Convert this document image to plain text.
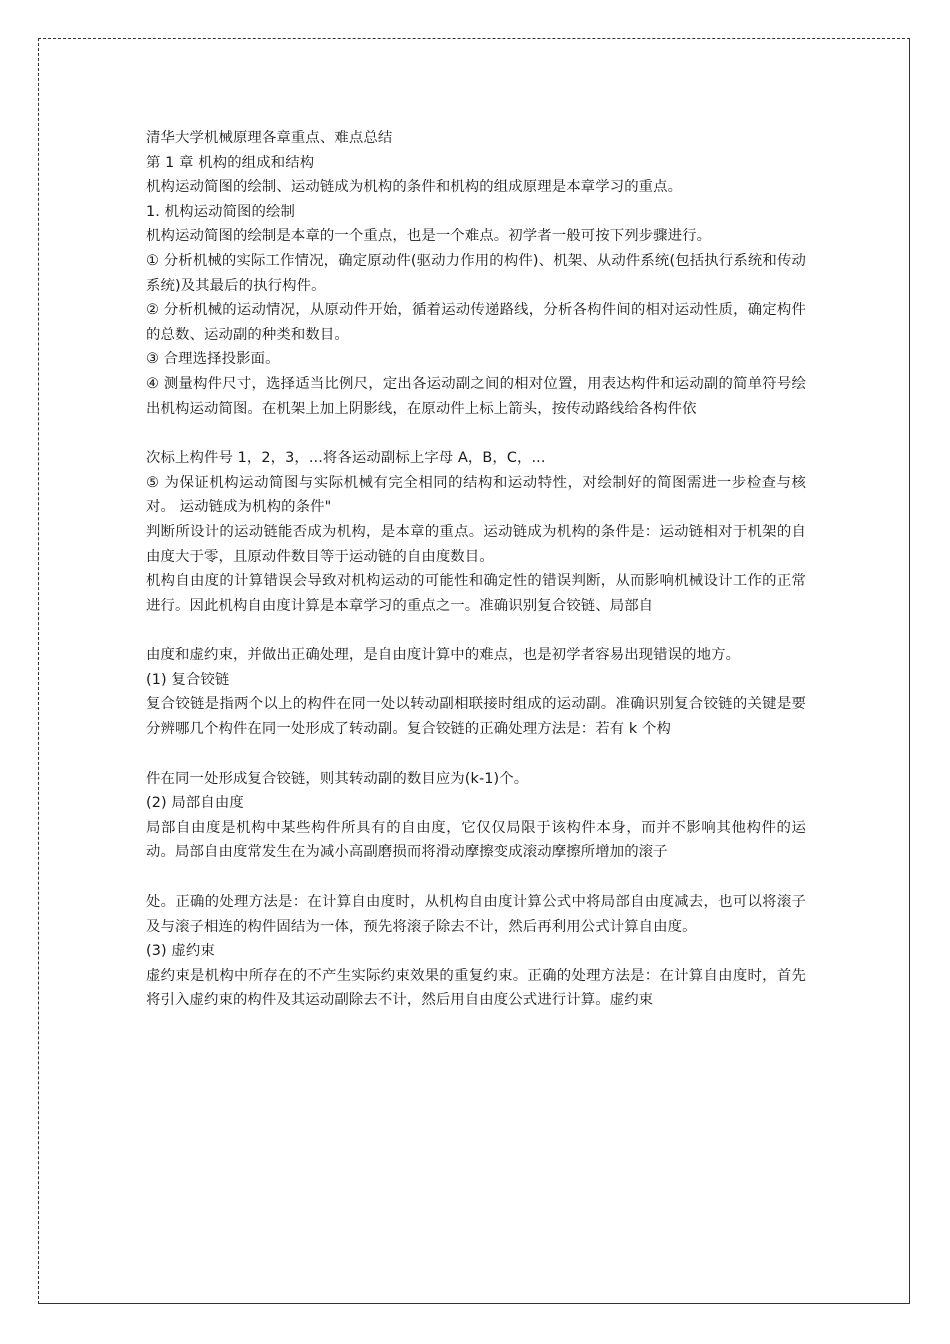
清华大学机械原理各章重点、难点总结

第 1 章 机构的组成和结构

机构运动简图的绘制、运动链成为机构的条件和机构的组成原理是本章学习的重点。

1. 机构运动简图的绘制

机构运动简图的绘制是本章的一个重点，也是一个难点。初学者一般可按下列步骤进行。

① 分析机械的实际工作情况，确定原动件(驱动力作用的构件)、机架、从动件系统(包括执行系统和传动系统)及其最后的执行构件。

② 分析机械的运动情况，从原动件开始，循着运动传递路线，分析各构件间的相对运动性质，确定构件的总数、运动副的种类和数目。

③ 合理选择投影面。

④ 测量构件尺寸，选择适当比例尺，定出各运动副之间的相对位置，用表达构件和运动副的简单符号绘出机构运动简图。在机架上加上阴影线，在原动件上标上箭头，按传动路线给各构件依

次标上构件号 1，2，3，...将各运动副标上字母 A，B，C，...

⑤ 为保证机构运动简图与实际机械有完全相同的结构和运动特性，对绘制好的简图需进一步检查与核对。 运动链成为机构的条件"

判断所设计的运动链能否成为机构，是本章的重点。运动链成为机构的条件是：运动链相对于机架的自由度大于零，且原动件数目等于运动链的自由度数目。

机构自由度的计算错误会导致对机构运动的可能性和确定性的错误判断，从而影响机械设计工作的正常进行。因此机构自由度计算是本章学习的重点之一。准确识别复合铰链、局部自

由度和虚约束，并做出正确处理，是自由度计算中的难点，也是初学者容易出现错误的地方。

(1) 复合铰链

复合铰链是指两个以上的构件在同一处以转动副相联接时组成的运动副。准确识别复合铰链的关键是要分辨哪几个构件在同一处形成了转动副。复合铰链的正确处理方法是：若有 k 个构

件在同一处形成复合铰链，则其转动副的数目应为(k-1)个。

(2) 局部自由度

局部自由度是机构中某些构件所具有的自由度，它仅仅局限于该构件本身，而并不影响其他构件的运动。局部自由度常发生在为减小高副磨损而将滑动摩擦变成滚动摩擦所增加的滚子

处。正确的处理方法是：在计算自由度时，从机构自由度计算公式中将局部自由度减去，也可以将滚子及与滚子相连的构件固结为一体，预先将滚子除去不计，然后再利用公式计算自由度。

(3) 虚约束

虚约束是机构中所存在的不产生实际约束效果的重复约束。正确的处理方法是：在计算自由度时，首先将引入虚约束的构件及其运动副除去不计，然后用自由度公式进行计算。虚约束
